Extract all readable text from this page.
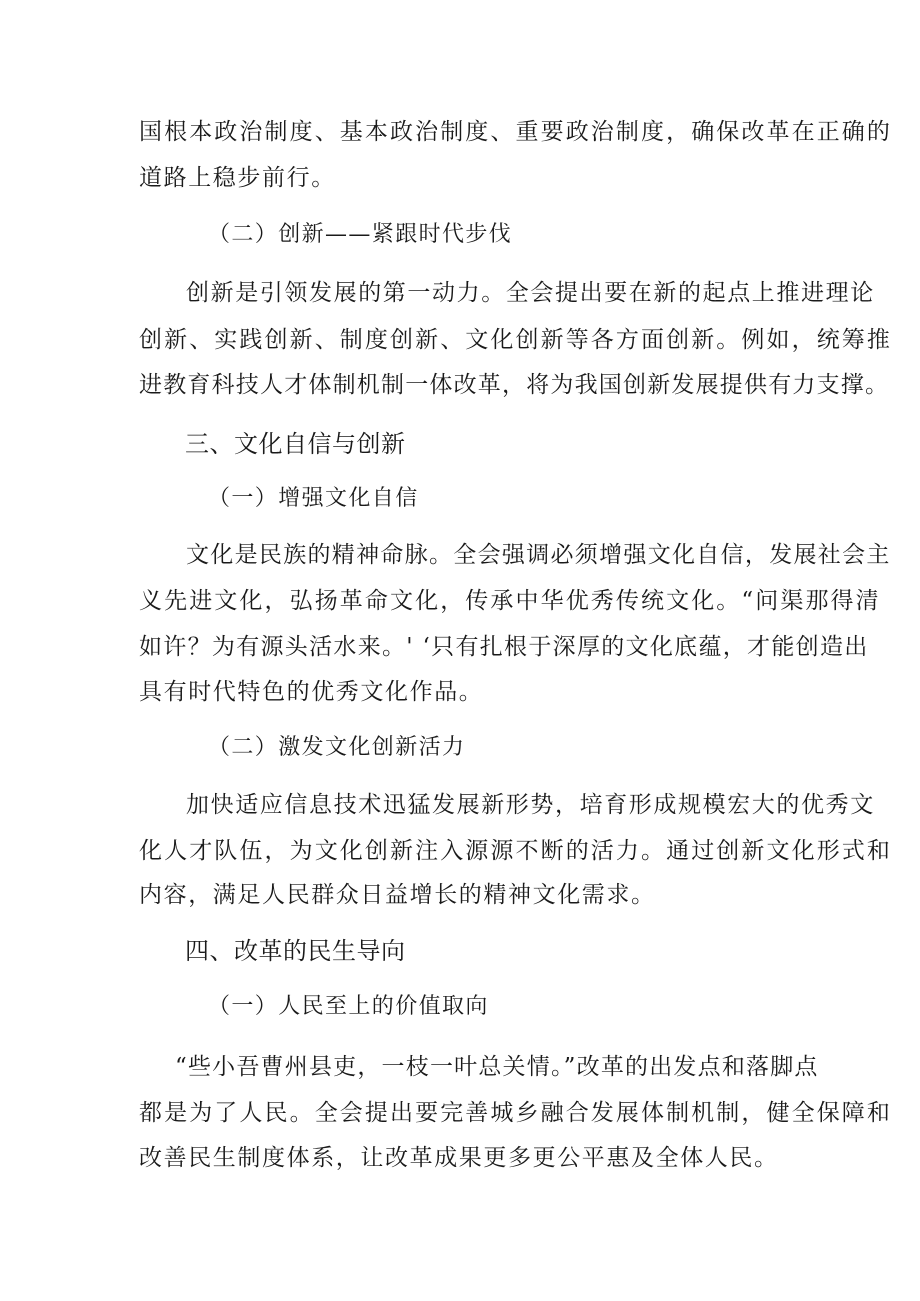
国根本政治制度、基本政治制度、重要政治制度，确保改革在正确的

道路上稳步前行。

（二）创新——紧跟时代步伐

创新是引领发展的第一动力。全会提出要在新的起点上推进理论

创新、实践创新、制度创新、文化创新等各方面创新。例如，统筹推

进教育科技人才体制机制一体改革，将为我国创新发展提供有力支撑。

三、文化自信与创新

（一）增强文化自信

文化是民族的精神命脉。全会强调必须增强文化自信，发展社会主

义先进文化，弘扬革命文化，传承中华优秀传统文化。“问渠那得清

如许？为有源头活水来。' ‘只有扎根于深厚的文化底蕴，才能创造出

具有时代特色的优秀文化作品。

（二）激发文化创新活力

加快适应信息技术迅猛发展新形势，培育形成规模宏大的优秀文

化人才队伍，为文化创新注入源源不断的活力。通过创新文化形式和

内容，满足人民群众日益增长的精神文化需求。

四、改革的民生导向

（一）人民至上的价值取向

“些小吾曹州县吏，一枝一叶总关情。”改革的出发点和落脚点

都是为了人民。全会提出要完善城乡融合发展体制机制，健全保障和

改善民生制度体系，让改革成果更多更公平惠及全体人民。
